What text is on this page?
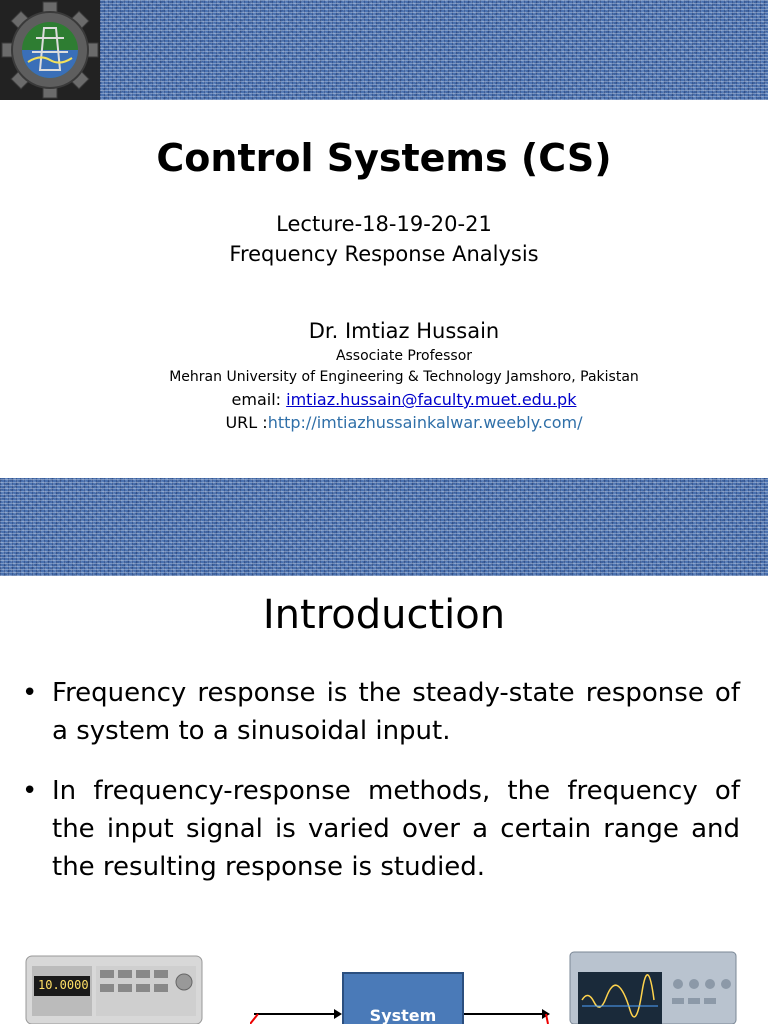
Control Systems (CS)
Lecture-18-19-20-21
Frequency Response Analysis
Dr. Imtiaz Hussain
Associate Professor
Mehran University of Engineering & Technology Jamshoro, Pakistan
email: imtiaz.hussain@faculty.muet.edu.pk
URL :http://imtiazhussainkalwar.weebly.com/
Introduction
• Frequency response is the steady-state response of a system to a sinusoidal input.
• In frequency-response methods, the frequency of the input signal is varied over a certain range and the resulting response is studied.
10.0000
System
